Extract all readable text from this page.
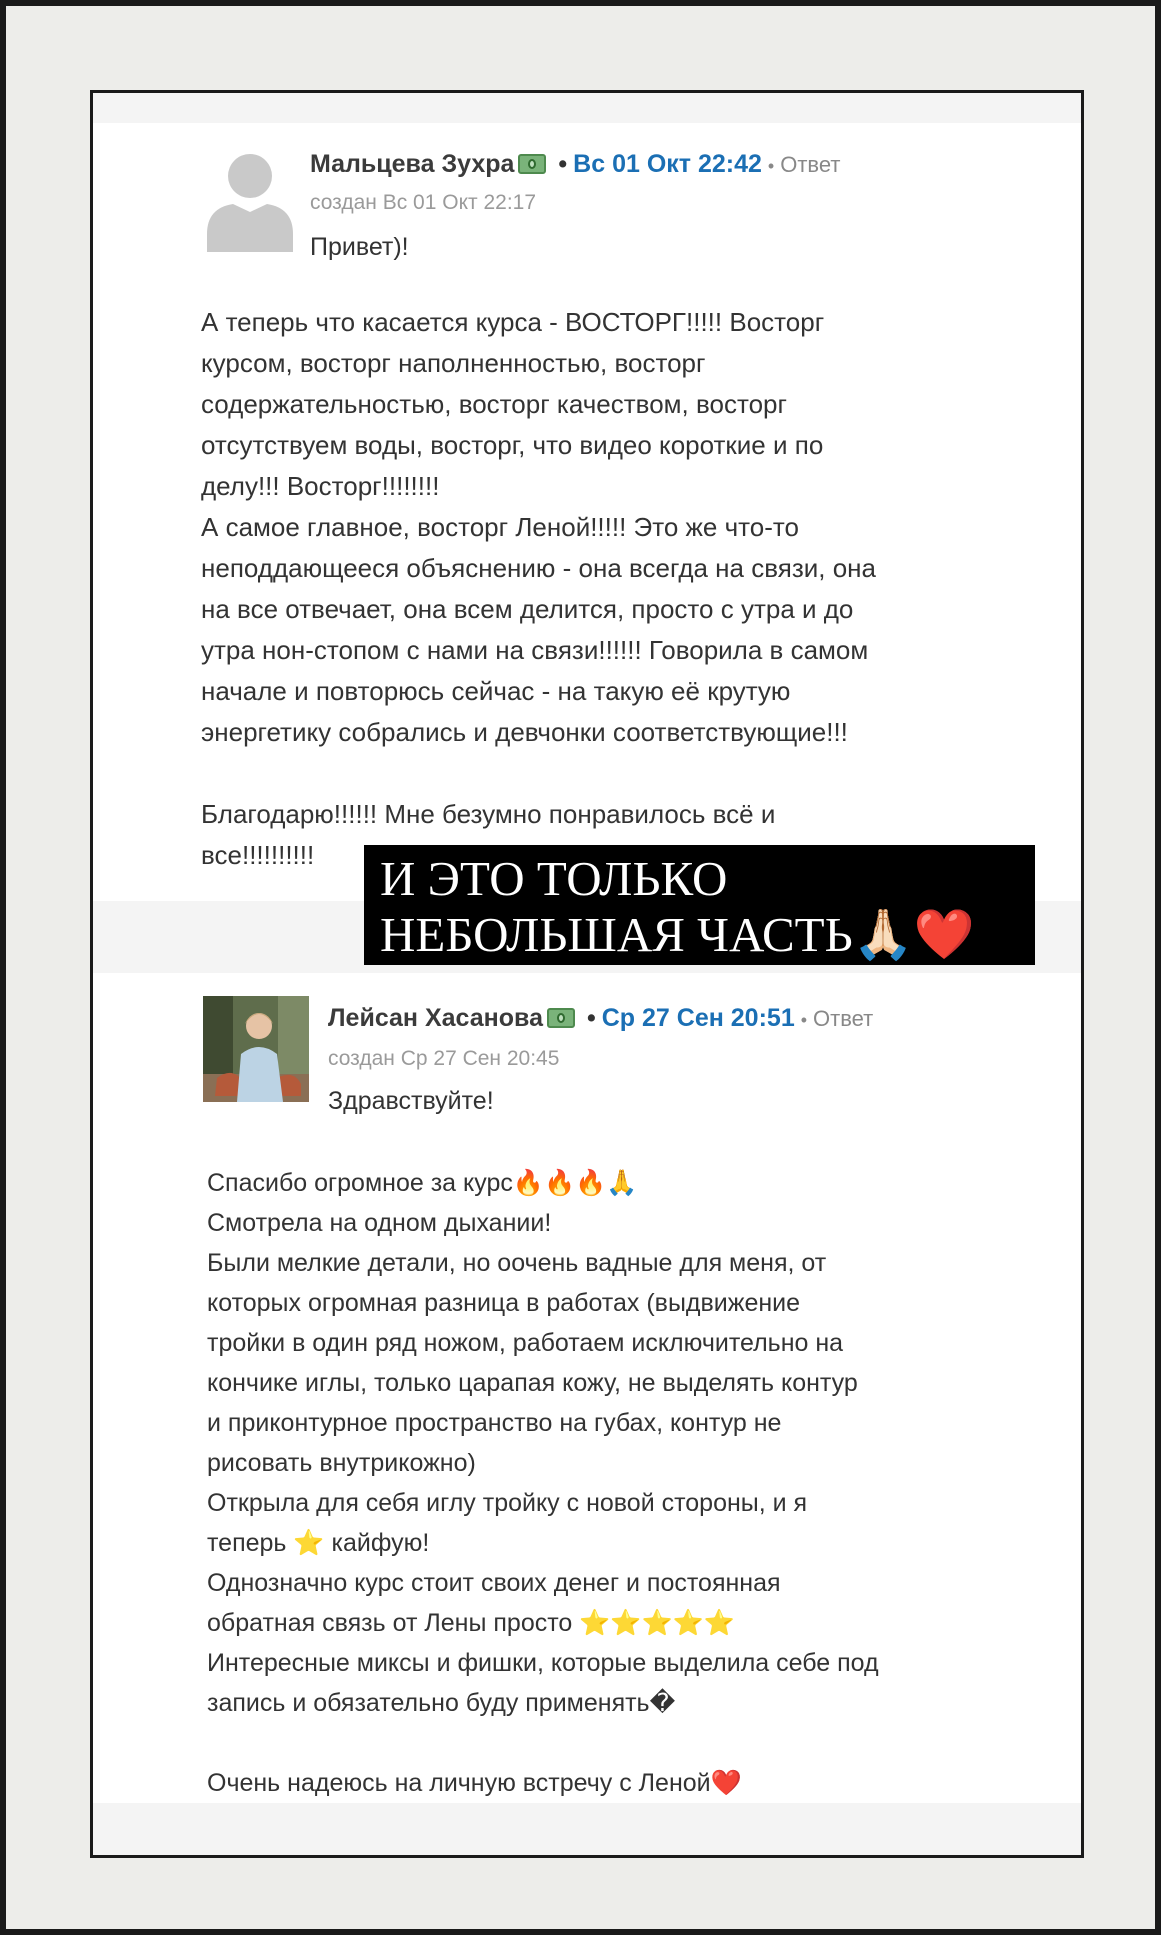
Мальцева Зухра • Вс 01 Окт 22:42 • Ответ
создан Вс 01 Окт 22:17
Привет)!
А теперь что касается курса - ВОСТОРГ!!!!! Восторг
курсом, восторг наполненностью, восторг
содержательностью, восторг качеством, восторг
отсутствуем воды, восторг, что видео короткие и по
делу!!! Восторг!!!!!!!!
А самое главное, восторг Леной!!!!! Это же что-то
неподдающееся объяснению - она всегда на связи, она
на все отвечает, она всем делится, просто с утра и до
утра нон-стопом с нами на связи!!!!!! Говорила в самом
начале и повторюсь сейчас - на такую её крутую
энергетику собрались и девчонки соответствующие!!!

Благодарю!!!!!! Мне безумно понравилось всё и
все!!!!!!!!!!
Лейсан Хасанова • Ср 27 Сен 20:51 • Ответ
создан Ср 27 Сен 20:45
Здравствуйте!
Спасибо огромное за курс🔥🔥🔥🙏
Смотрела на одном дыхании!
Были мелкие детали, но оочень вадные для меня, от
которых огромная разница в работах (выдвижение
тройки в один ряд ножом, работаем исключительно на
кончике иглы, только царапая кожу, не выделять контур
и приконтурное пространство на губах, контур не
рисовать внутрикожно)
Открыла для себя иглу тройку с новой стороны, и я
теперь ⭐️ кайфую!
Однозначно курс стоит своих денег и постоянная
обратная связь от Лены просто ⭐️⭐️⭐️⭐️⭐️
Интересные миксы и фишки, которые выделила себе под
запись и обязательно буду применять�

Очень надеюсь на личную встречу с Леной❤️
И ЭТО ТОЛЬКО
НЕБОЛЬШАЯ ЧАСТЬ🙏🏻❤️
